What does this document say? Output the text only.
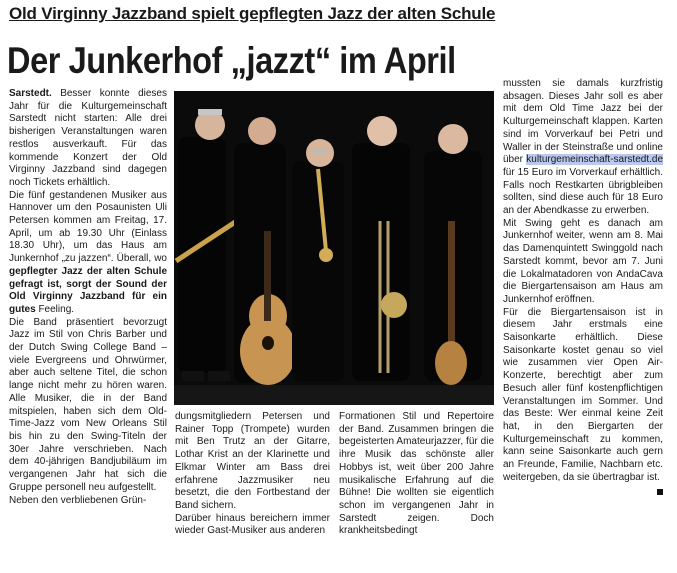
Old Virginny Jazzband spielt gepflegten Jazz der alten Schule
Der Junkerhof „jazzt“ im April

Sarstedt. Besser konnte dieses Jahr für die Kulturgemeinschaft Sarstedt nicht starten: Alle drei bisherigen Veranstaltungen waren restlos ausverkauft. Für das kommende Konzert der Old Virginny Jazzband sind dagegen noch Tickets erhältlich.

Die fünf gestandenen Musiker aus Hannover um den Posaunisten Uli Petersen kommen am Freitag, 17. April, um ab 19.30 Uhr (Einlass 18.30 Uhr), um das Haus am Junkernhof „zu jazzen“. Überall, wo gepflegter Jazz der alten Schule gefragt ist, sorgt der Sound der Old Virginny Jazzband für ein gutes Feeling.

Die Band präsentiert bevorzugt Jazz im Stil von Chris Barber und der Dutch Swing College Band – viele Evergreens und Ohrwürmer, aber auch seltene Titel, die schon lange nicht mehr zu hören waren. Alle Musiker, die in der Band mitspielen, haben sich dem Old-Time-Jazz vom New Orleans Stil bis hin zu den Swing-Titeln der 30er Jahre verschrieben. Nach dem 40-jährigen Bandjubiläum im vergangenen Jahr hat sich die Gruppe personell neu aufgestellt.

Neben den verbliebenen Grün-

dungsmitgliedern Petersen und Rainer Topp (Trompete) wurden mit Ben Trutz an der Gitarre, Lothar Krist an der Klarinette und Elkmar Winter am Bass drei erfahrene Jazzmusiker neu besetzt, die den Fortbestand der Band sichern.

Darüber hinaus bereichern immer wieder Gast-Musiker aus anderen

Formationen Stil und Repertoire der Band. Zusammen bringen die begeisterten Amateurjazzer, für die ihre Musik das schönste aller Hobbys ist, weit über 200 Jahre musikalische Erfahrung auf die Bühne! Die wollten sie eigentlich schon im vergangenen Jahr in Sarstedt zeigen. Doch krankheitsbedingt

mussten sie damals kurzfristig absagen. Dieses Jahr soll es aber mit dem Old Time Jazz bei der Kulturgemeinschaft klappen. Karten sind im Vorverkauf bei Petri und Waller in der Steinstraße und online über kulturgemeinschaft-sarstedt.de für 15 Euro im Vorverkauf erhältlich. Falls noch Restkarten übrigbleiben sollten, sind diese auch für 18 Euro an der Abendkasse zu erwerben.

Mit Swing geht es danach am Junkernhof weiter, wenn am 8. Mai das Damenquintett Swinggold nach Sarstedt kommt, bevor am 7. Juni die Lokalmatadoren von AndaCava die Biergartensaison am Haus am Junkernhof eröffnen.

Für die Biergartensaison ist in diesem Jahr erstmals eine Saisonkarte erhältlich. Diese Saisonkarte kostet genau so viel wie zusammen vier Open Air-Konzerte, berechtigt aber zum Besuch aller fünf kostenpflichtigen Veranstaltungen im Sommer. Und das Beste: Wer einmal keine Zeit hat, in den Biergarten der Kulturgemeinschaft zu kommen, kann seine Saisonkarte auch gern an Freunde, Familie, Nachbarn etc. weitergeben, da sie übertragbar ist.
